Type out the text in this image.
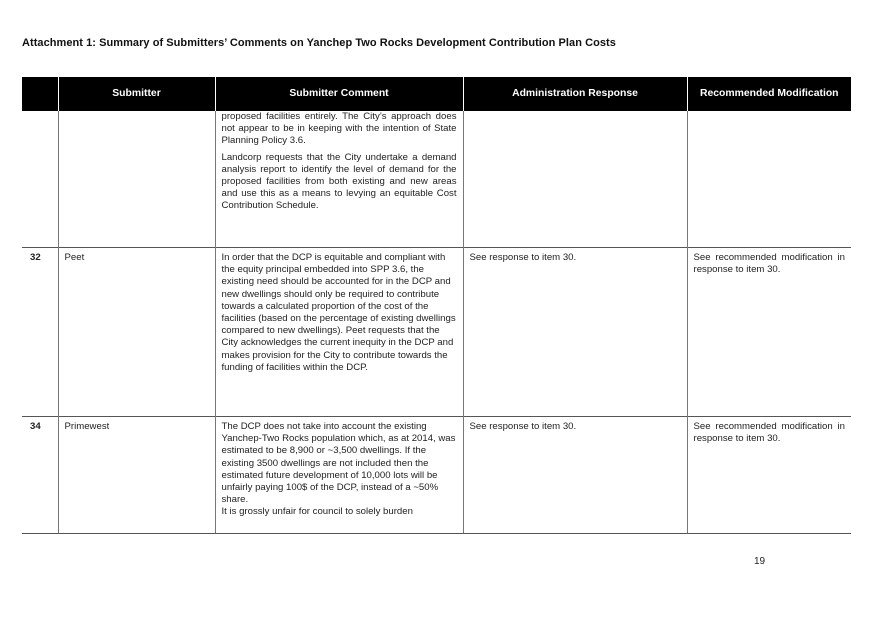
Attachment 1: Summary of Submitters’ Comments on Yanchep Two Rocks Development Contribution Plan Costs
	Submitter	Submitter Comment	Administration Response	Recommended Modification

		proposed facilities entirely. The City’s approach does not appear to be in keeping with the intention of State Planning Policy 3.6.
Landcorp requests that the City undertake a demand analysis report to identify the level of demand for the proposed facilities from both existing and new areas and use this as a means to levying an equitable Cost Contribution Schedule.		

32	Peet	In order that the DCP is equitable and compliant with the equity principal embedded into SPP 3.6, the existing need should be accounted for in the DCP and new dwellings should only be required to contribute towards a calculated proportion of the cost of the facilities (based on the percentage of existing dwellings compared to new dwellings). Peet requests that the City acknowledges the current inequity in the DCP and makes provision for the City to contribute towards the funding of facilities within the DCP.	See response to item 30.	See recommended modification in response to item 30.
34	Primewest	The DCP does not take into account the existing Yanchep-Two Rocks population which, as at 2014, was estimated to be 8,900 or ~3,500 dwellings. If the existing 3500 dwellings are not included then the estimated future development of 10,000 lots will be unfairly paying 100$ of the DCP, instead of a ~50% share.
It is grossly unfair for council to solely burden	See response to item 30.	See recommended modification in response to item 30.
19
